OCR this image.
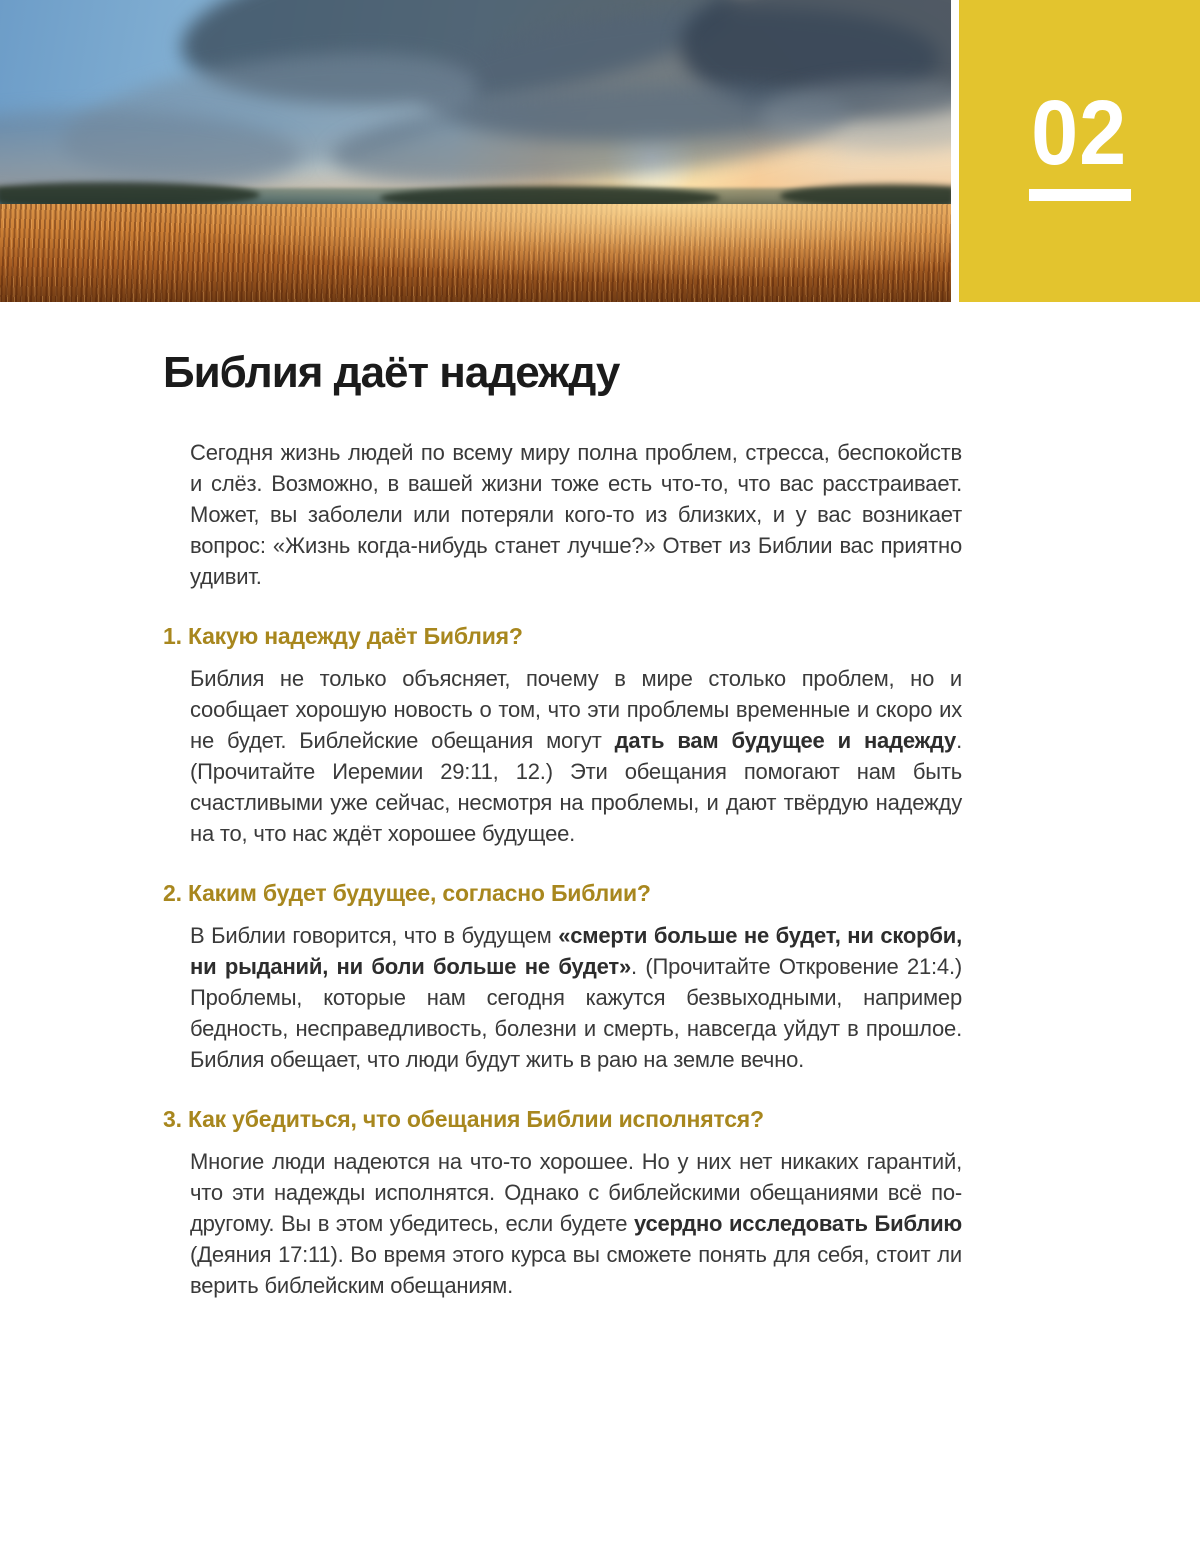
02
Библия даёт надежду

Сегодня жизнь людей по всему миру полна проблем, стресса, беспокойств и слёз. Возможно, в вашей жизни тоже есть что-то, что вас расстраивает. Может, вы заболели или потеряли кого-то из близких, и у вас возникает вопрос: «Жизнь когда-нибудь станет лучше?» Ответ из Библии вас приятно удивит.

1. Какую надежду даёт Библия?

Библия не только объясняет, почему в мире столько проблем, но и сообщает хорошую новость о том, что эти проблемы временные и скоро их не будет. Библейские обещания могут дать вам будущее и надежду. (Прочитайте Иеремии 29:11, 12.) Эти обещания помогают нам быть счастливыми уже сейчас, несмотря на проблемы, и дают твёрдую надежду на то, что нас ждёт хорошее будущее.

2. Каким будет будущее, согласно Библии?

В Библии говорится, что в будущем «смерти больше не будет, ни скорби, ни рыданий, ни боли больше не будет». (Прочитайте Откровение 21:4.) Проблемы, которые нам сегодня кажутся безвыходными, например бедность, несправедливость, болезни и смерть, навсегда уйдут в прошлое. Библия обещает, что люди будут жить в раю на земле вечно.

3. Как убедиться, что обещания Библии исполнятся?

Многие люди надеются на что-то хорошее. Но у них нет никаких гарантий, что эти надежды исполнятся. Однако с библейскими обещаниями всё по-другому. Вы в этом убедитесь, если будете усердно исследовать Библию (Деяния 17:11). Во время этого курса вы сможете понять для себя, стоит ли верить библейским обещаниям.
